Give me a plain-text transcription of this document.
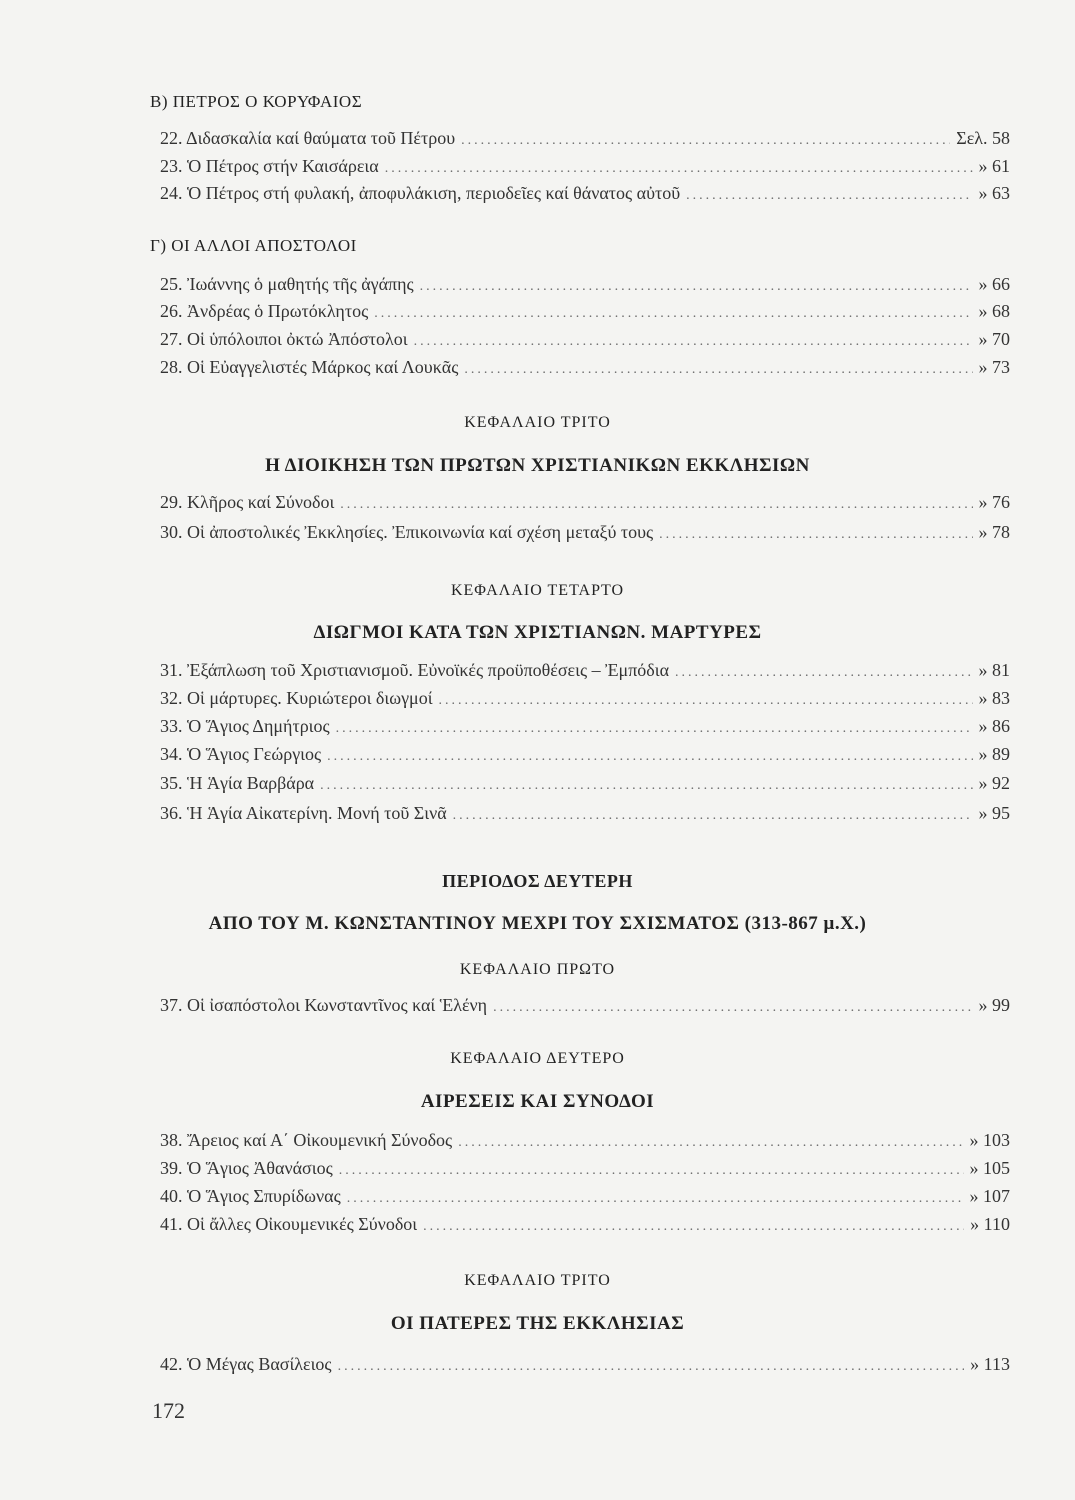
B) ΠΕΤΡΟΣ Ο ΚΟΡΥΦΑΙΟΣ
22. Διδασκαλία καί θαύματα τοῦ Πέτρου .....	Σελ. 58
23. Ὁ Πέτρος στήν Καισάρεια .....	» 61
24. Ὁ Πέτρος στή φυλακή, ἀποφυλάκιση, περιοδεῖες καί θάνατος αὐτοῦ .....	» 63
Γ) ΟΙ ΑΛΛΟΙ ΑΠΟΣΤΟΛΟΙ
25. Ἰωάννης ὁ μαθητής τῆς ἀγάπης .....	» 66
26. Ἀνδρέας ὁ Πρωτόκλητος .....	» 68
27. Οἱ ὑπόλοιποι ὀκτώ Ἀπόστολοι .....	» 70
28. Οἱ Εὐαγγελιστές Μάρκος καί Λουκᾶς .....	» 73
ΚΕΦΑΛΑΙΟ ΤΡΙΤΟ
Η ΔΙΟΙΚΗΣΗ ΤΩΝ ΠΡΩΤΩΝ ΧΡΙΣΤΙΑΝΙΚΩΝ ΕΚΚΛΗΣΙΩΝ
29. Κλῆρος καί Σύνοδοι .....	» 76
30. Οἱ ἀποστολικές Ἐκκλησίες. Ἐπικοινωνία καί σχέση μεταξύ τους .....	» 78
ΚΕΦΑΛΑΙΟ ΤΕΤΑΡΤΟ
ΔΙΩΓΜΟΙ ΚΑΤΑ ΤΩΝ ΧΡΙΣΤΙΑΝΩΝ. ΜΑΡΤΥΡΕΣ
31. Ἐξάπλωση τοῦ Χριστιανισμοῦ. Εὐνοϊκές προϋποθέσεις – Ἐμπόδια .....	» 81
32. Οἱ μάρτυρες. Κυριώτεροι διωγμοί .....	» 83
33. Ὁ Ἅγιος Δημήτριος .....	» 86
34. Ὁ Ἅγιος Γεώργιος .....	» 89
35. Ἡ Ἁγία Βαρβάρα .....	» 92
36. Ἡ Ἁγία Αἰκατερίνη. Μονή τοῦ Σινᾶ .....	» 95
ΠΕΡΙΟΔΟΣ ΔΕΥΤΕΡΗ
ΑΠΟ ΤΟΥ Μ. ΚΩΝΣΤΑΝΤΙΝΟΥ ΜΕΧΡΙ ΤΟΥ ΣΧΙΣΜΑΤΟΣ (313-867 μ.Χ.)
ΚΕΦΑΛΑΙΟ ΠΡΩΤΟ
37. Οἱ ἰσαπόστολοι Κωνσταντῖνος καί Ἑλένη .....	» 99
ΚΕΦΑΛΑΙΟ ΔΕΥΤΕΡΟ
ΑΙΡΕΣΕΙΣ ΚΑΙ ΣΥΝΟΔΟΙ
38. Ἄρειος καί Α΄ Οἰκουμενική Σύνοδος .....	» 103
39. Ὁ Ἅγιος Ἀθανάσιος .....	» 105
40. Ὁ Ἅγιος Σπυρίδωνας .....	» 107
41. Οἱ ἄλλες Οἰκουμενικές Σύνοδοι .....	» 110
ΚΕΦΑΛΑΙΟ ΤΡΙΤΟ
ΟΙ ΠΑΤΕΡΕΣ ΤΗΣ ΕΚΚΛΗΣΙΑΣ
42. Ὁ Μέγας Βασίλειος .....	» 113
172
